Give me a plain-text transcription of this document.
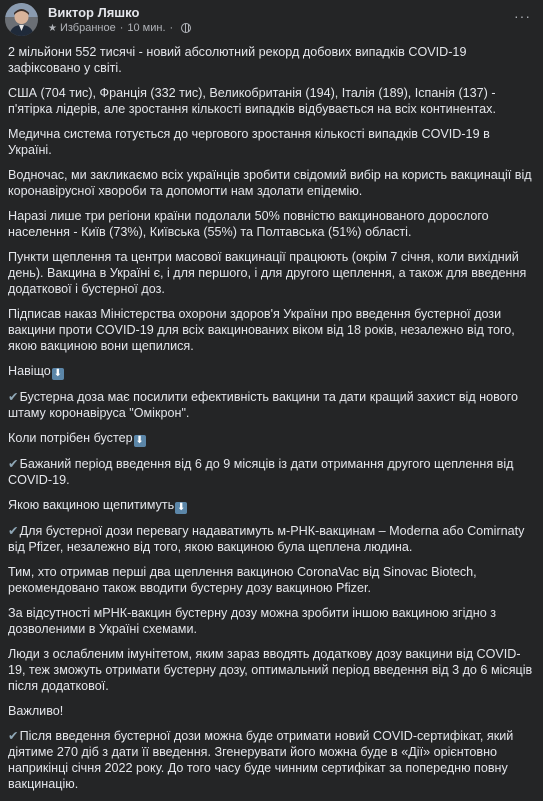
Виктор Ляшко
★ Избранное · 10 мин. ·
···

2 мільйони 552 тисячі - новий абсолютний рекорд добових випадків COVID-19 зафіксовано у світі.

США (704 тис), Франція (332 тис), Великобританія (194), Італія (189), Іспанія (137) - п'ятірка лідерів, але зростання кількості випадків відбувається на всіх континентах.

Медична система готується до чергового зростання кількості випадків COVID-19 в Україні.

Водночас, ми закликаємо всіх українців зробити свідомий вибір на користь вакцинації від коронавірусної хвороби та допомогти нам здолати епідемію.

Наразі лише три регіони країни подолали 50% повністю вакцинованого дорослого населення - Київ (73%), Київська (55%) та Полтавська (51%) області.

Пункти щеплення та центри масової вакцинації працюють (окрім 7 січня, коли вихідний день). Вакцина в Україні є, і для першого, і для другого щеплення, а також для введення додаткової і бустерної доз.

Підписав наказ Міністерства охорони здоров'я України про введення бустерної дози вакцини проти COVID-19 для всіх вакцинованих віком від 18 років, незалежно від того, якою вакциною вони щепилися.

Навіщо ⬇

✔Бустерна доза має посилити ефективність вакцини та дати кращий захист від нового штаму коронавіруса "Омікрон".

Коли потрібен бустер ⬇

✔Бажаний період введення від 6 до 9 місяців із дати отримання другого щеплення від COVID-19.

Якою вакциною щепитимуть ⬇

✔Для бустерної дози перевагу надаватимуть м-РНК-вакцинам – Moderna або Comirnaty від Pfizer, незалежно від того, якою вакциною була щеплена людина.

Тим, хто отримав перші два щеплення вакциною CoronaVac від Sinovac Biotech, рекомендовано також вводити бустерну дозу вакциною Pfizer.

За відсутності мРНК-вакцин бустерну дозу можна зробити іншою вакциною згідно з дозволеними в Україні схемами.

Люди з ослабленим імунітетом, яким зараз вводять додаткову дозу вакцини від COVID-19, теж зможуть отримати бустерну дозу, оптимальний період введення від 3 до 6 місяців після додаткової.

Важливо!

✔Після введення бустерної дози можна буде отримати новий COVID-сертифікат, який діятиме 270 діб з дати її введення. Згенерувати його можна буде в «Дії» орієнтовно наприкінці січня 2022 року. До того часу буде чинним сертифікат за попередню повну вакцинацію.
